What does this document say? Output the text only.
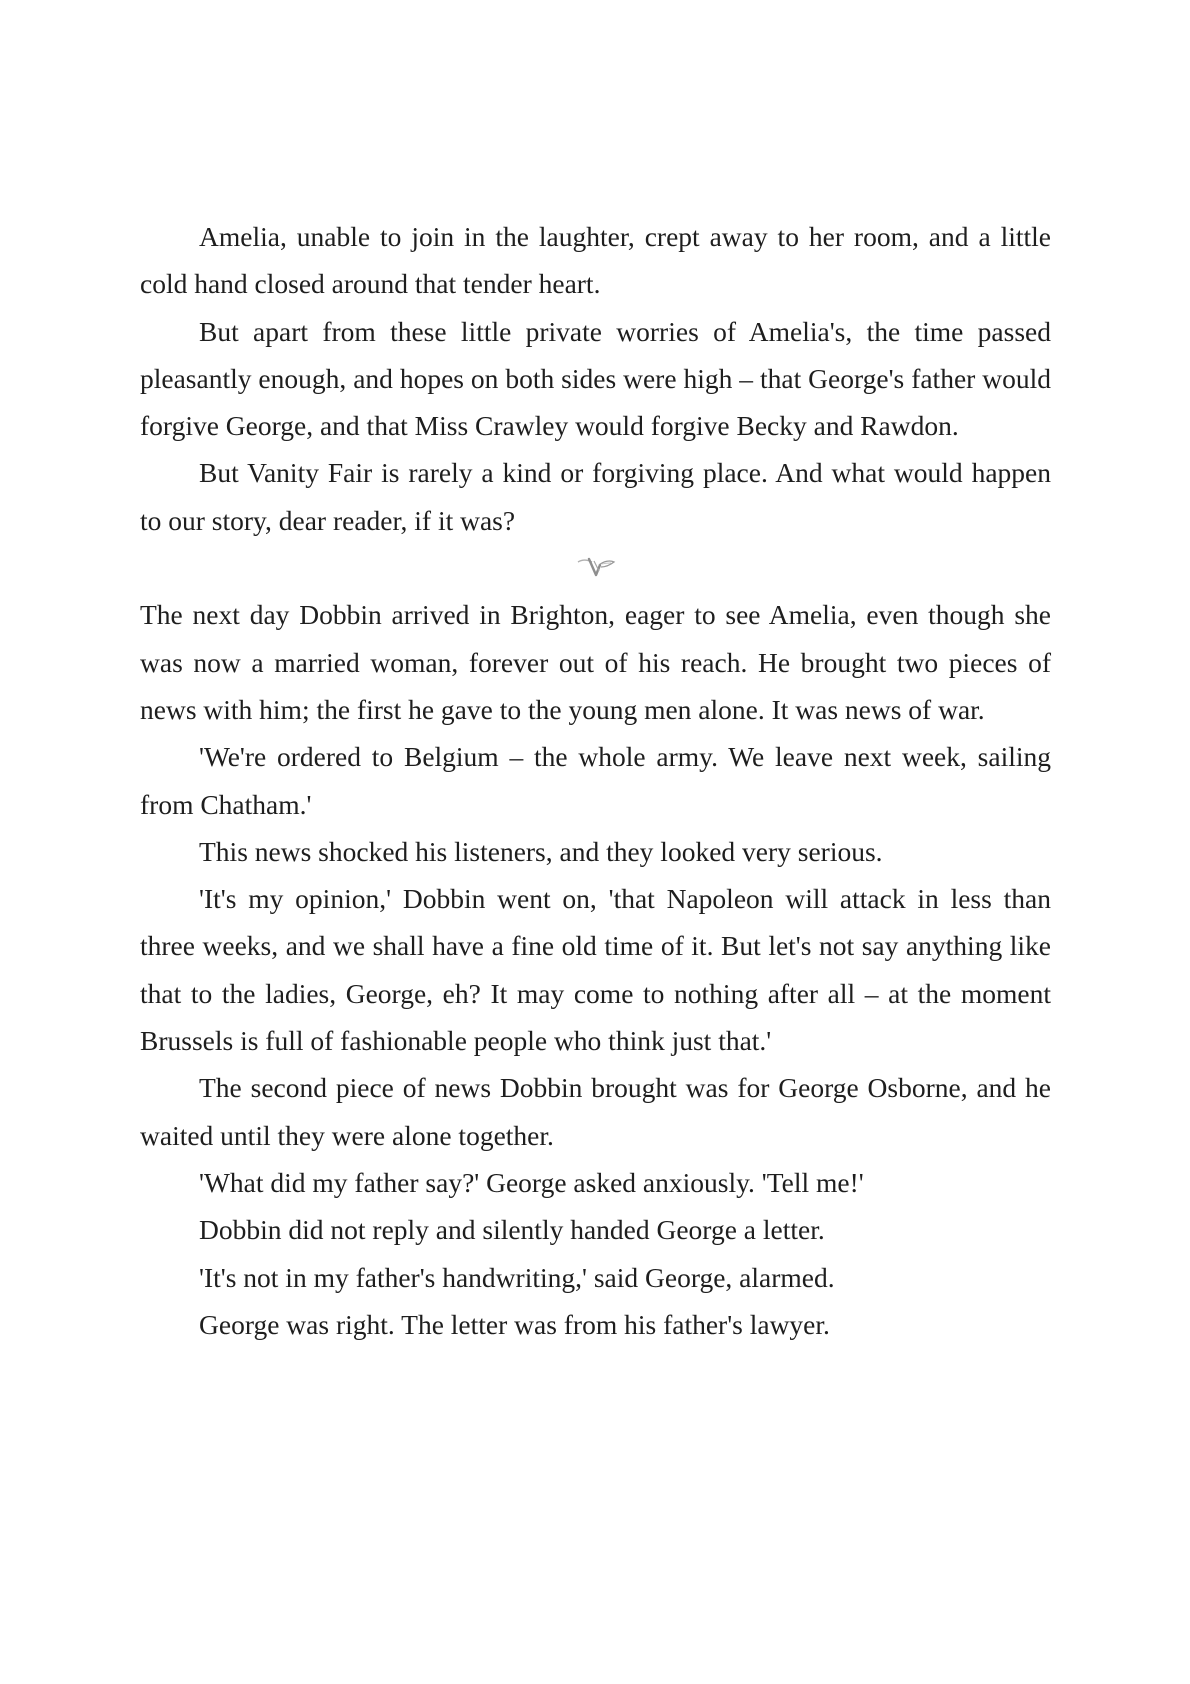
Amelia, unable to join in the laughter, crept away to her room, and a little cold hand closed around that tender heart.

But apart from these little private worries of Amelia's, the time passed pleasantly enough, and hopes on both sides were high – that George's father would forgive George, and that Miss Crawley would forgive Becky and Rawdon.

But Vanity Fair is rarely a kind or forgiving place. And what would happen to our story, dear reader, if it was?

The next day Dobbin arrived in Brighton, eager to see Amelia, even though she was now a married woman, forever out of his reach. He brought two pieces of news with him; the first he gave to the young men alone. It was news of war.

'We're ordered to Belgium – the whole army. We leave next week, sailing from Chatham.'

This news shocked his listeners, and they looked very serious.

'It's my opinion,' Dobbin went on, 'that Napoleon will attack in less than three weeks, and we shall have a fine old time of it. But let's not say anything like that to the ladies, George, eh? It may come to nothing after all – at the moment Brussels is full of fashionable people who think just that.'

The second piece of news Dobbin brought was for George Osborne, and he waited until they were alone together.

'What did my father say?' George asked anxiously. 'Tell me!'

Dobbin did not reply and silently handed George a letter.

'It's not in my father's handwriting,' said George, alarmed.

George was right. The letter was from his father's lawyer.
